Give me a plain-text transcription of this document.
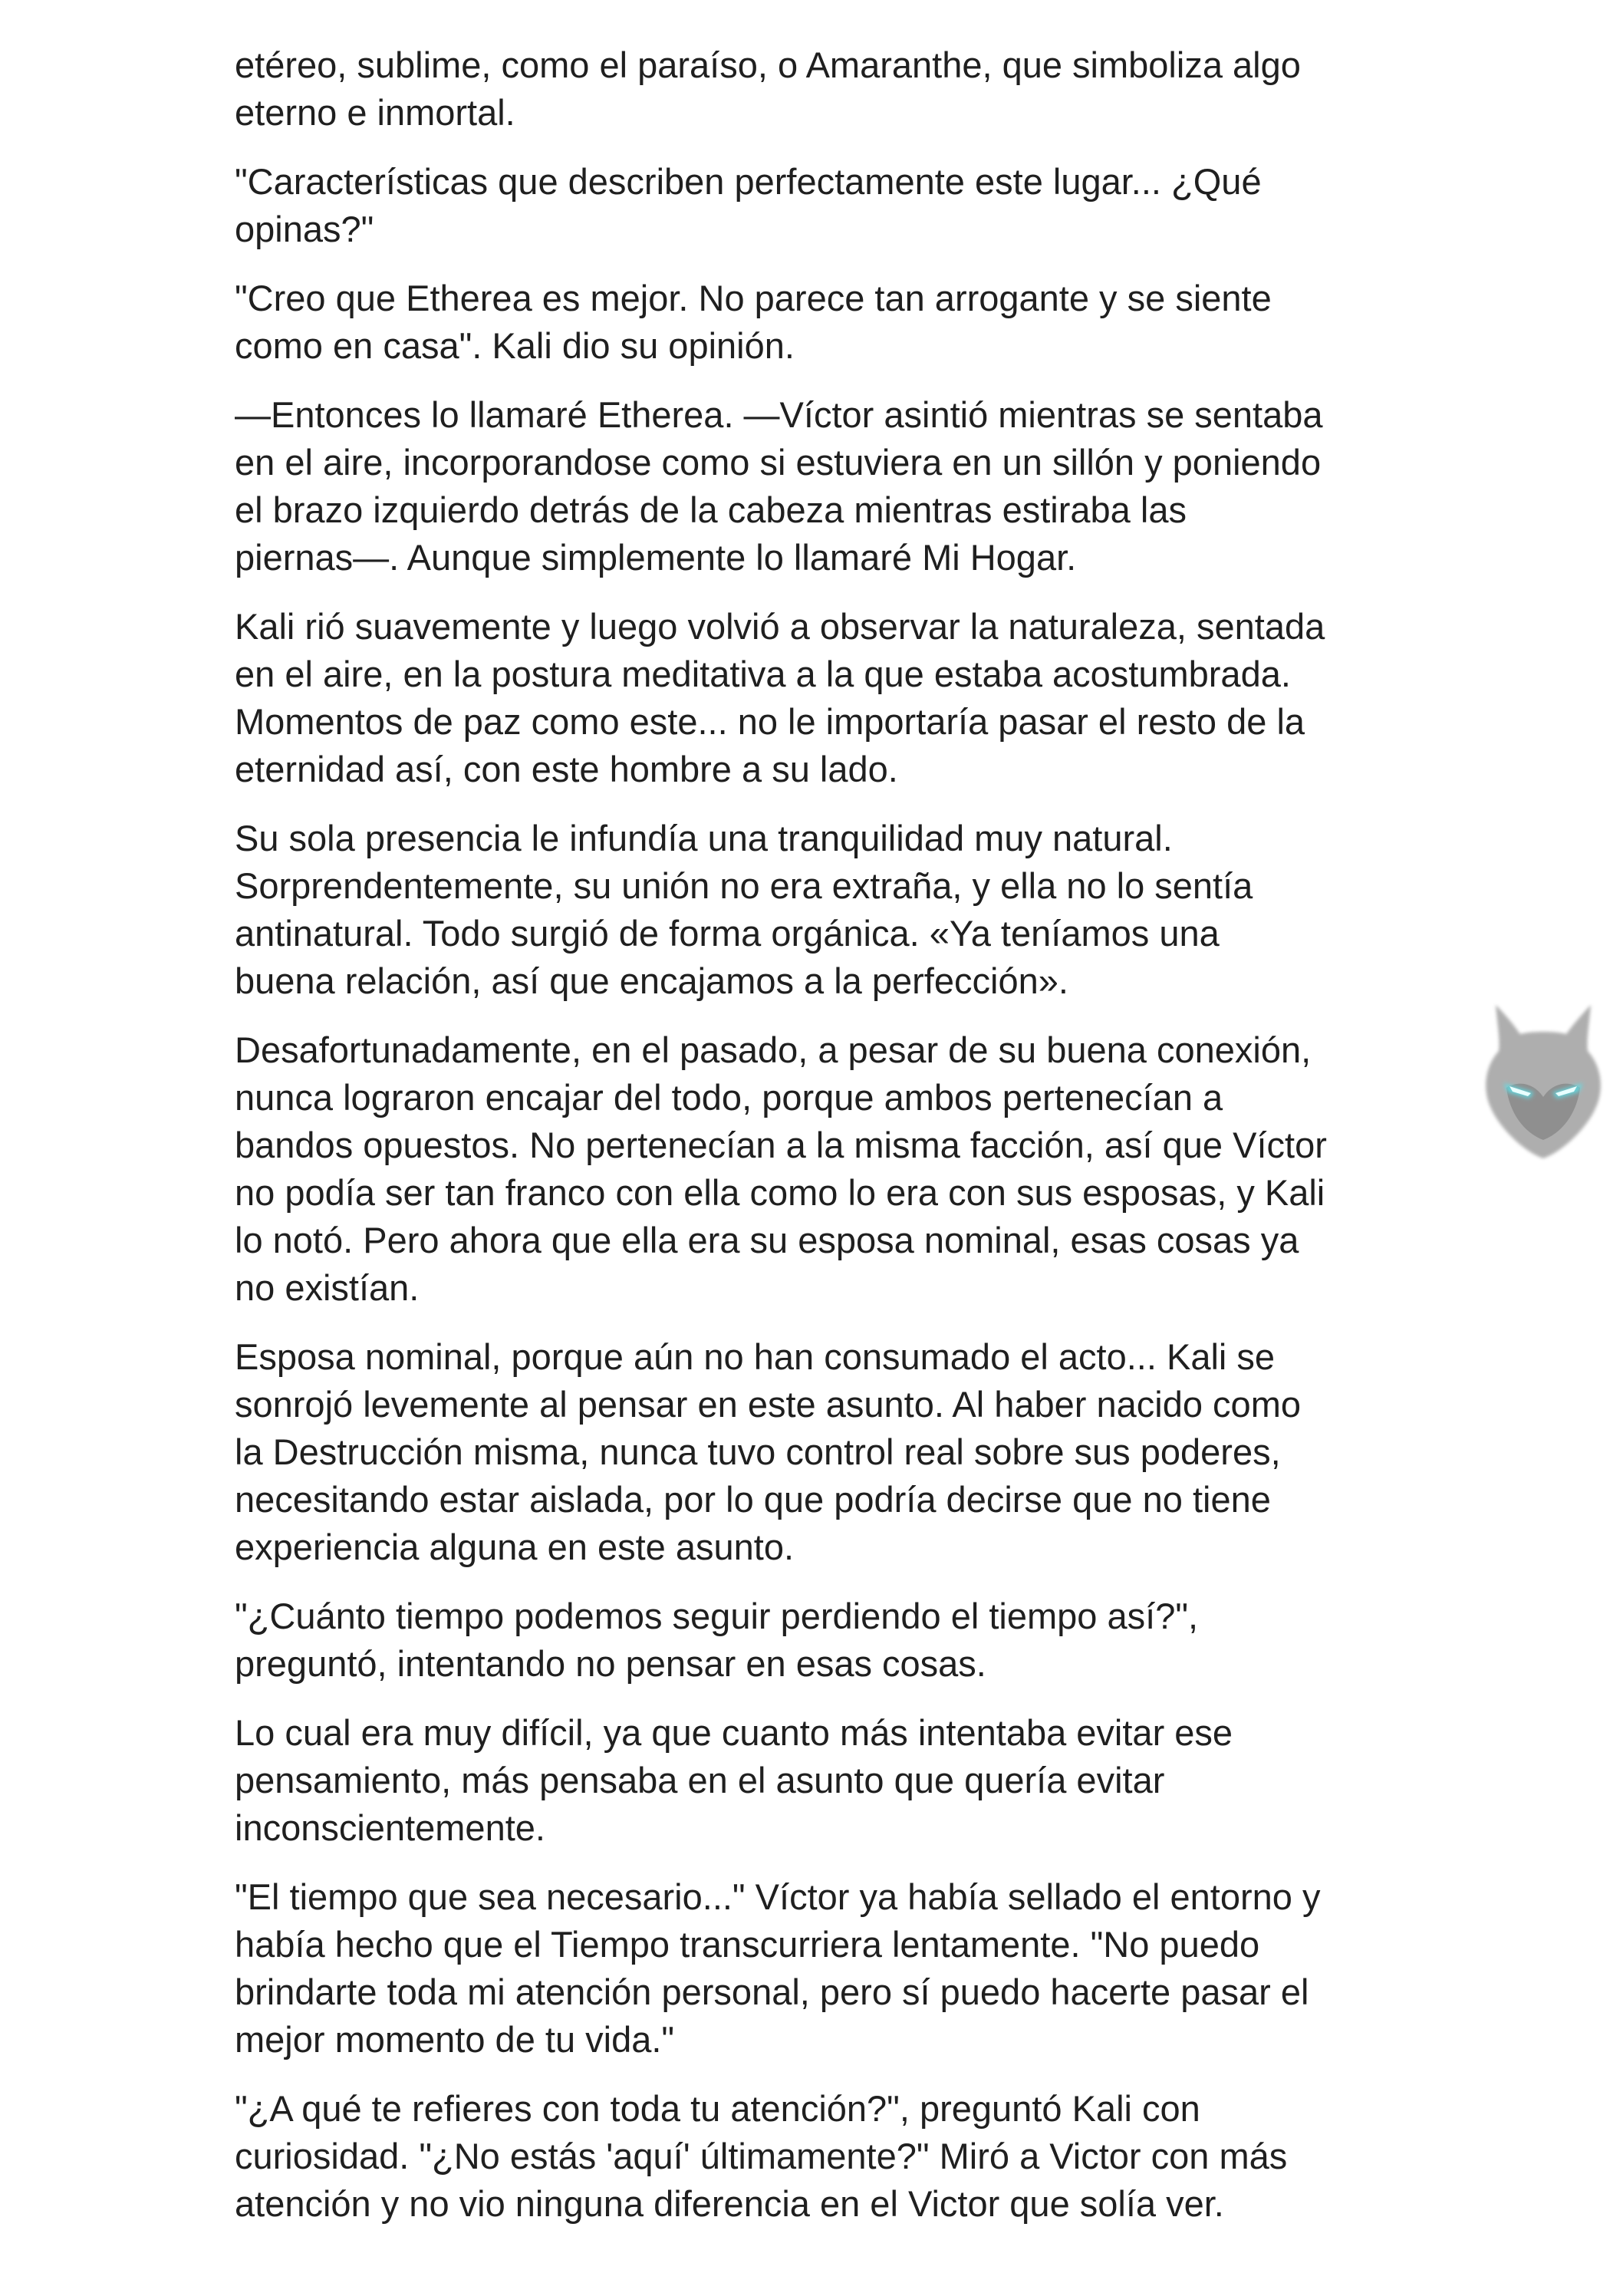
etéreo, sublime, como el paraíso, o Amaranthe, que simboliza algo
eterno e inmortal.

"Características que describen perfectamente este lugar... ¿Qué
opinas?"

"Creo que Etherea es mejor. No parece tan arrogante y se siente
como en casa". Kali dio su opinión.

—Entonces lo llamaré Etherea. —Víctor asintió mientras se sentaba
en el aire, incorporandose como si estuviera en un sillón y poniendo
el brazo izquierdo detrás de la cabeza mientras estiraba las
piernas—. Aunque simplemente lo llamaré Mi Hogar.

Kali rió suavemente y luego volvió a observar la naturaleza, sentada
en el aire, en la postura meditativa a la que estaba acostumbrada.
Momentos de paz como este... no le importaría pasar el resto de la
eternidad así, con este hombre a su lado.

Su sola presencia le infundía una tranquilidad muy natural.
Sorprendentemente, su unión no era extraña, y ella no lo sentía
antinatural. Todo surgió de forma orgánica. «Ya teníamos una
buena relación, así que encajamos a la perfección».

Desafortunadamente, en el pasado, a pesar de su buena conexión,
nunca lograron encajar del todo, porque ambos pertenecían a
bandos opuestos. No pertenecían a la misma facción, así que Víctor
no podía ser tan franco con ella como lo era con sus esposas, y Kali
lo notó. Pero ahora que ella era su esposa nominal, esas cosas ya
no existían.

Esposa nominal, porque aún no han consumado el acto... Kali se
sonrojó levemente al pensar en este asunto. Al haber nacido como
la Destrucción misma, nunca tuvo control real sobre sus poderes,
necesitando estar aislada, por lo que podría decirse que no tiene
experiencia alguna en este asunto.

"¿Cuánto tiempo podemos seguir perdiendo el tiempo así?",
preguntó, intentando no pensar en esas cosas.

Lo cual era muy difícil, ya que cuanto más intentaba evitar ese
pensamiento, más pensaba en el asunto que quería evitar
inconscientemente.

"El tiempo que sea necesario..." Víctor ya había sellado el entorno y
había hecho que el Tiempo transcurriera lentamente. "No puedo
brindarte toda mi atención personal, pero sí puedo hacerte pasar el
mejor momento de tu vida."

"¿A qué te refieres con toda tu atención?", preguntó Kali con
curiosidad. "¿No estás 'aquí' últimamente?" Miró a Victor con más
atención y no vio ninguna diferencia en el Victor que solía ver.
